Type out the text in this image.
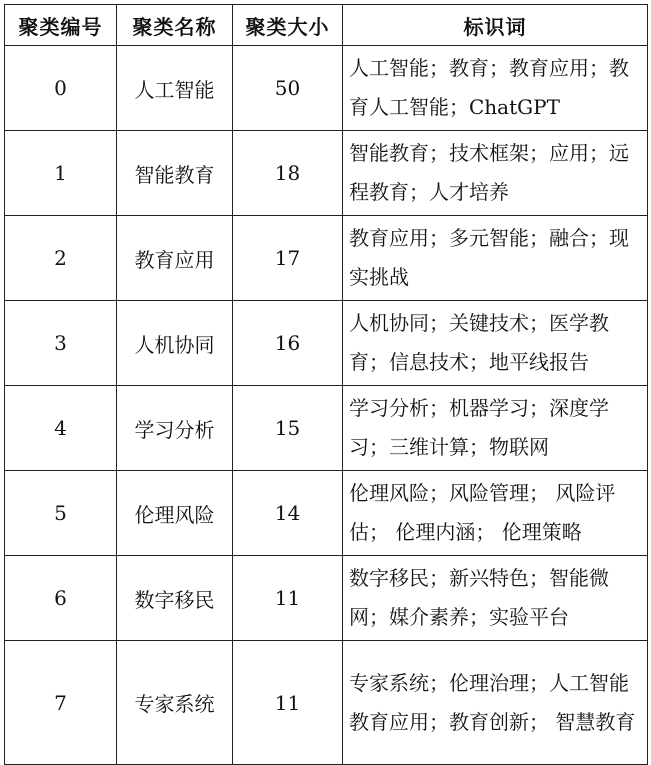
聚类编号	聚类名称	聚类大小	标识词
0	人工智能	50	人工智能；教育；教育应用；教育人工智能；ChatGPT
1	智能教育	18	智能教育；技术框架；应用；远程教育；人才培养
2	教育应用	17	教育应用；多元智能；融合；现实挑战
3	人机协同	16	人机协同；关键技术；医学教育；信息技术；地平线报告
4	学习分析	15	学习分析；机器学习；深度学习；三维计算；物联网
5	伦理风险	14	伦理风险；风险管理； 风险评估； 伦理内涵； 伦理策略
6	数字移民	11	数字移民；新兴特色；智能微网；媒介素养；实验平台
7	专家系统	11	专家系统；伦理治理；人工智能教育应用；教育创新； 智慧教育
